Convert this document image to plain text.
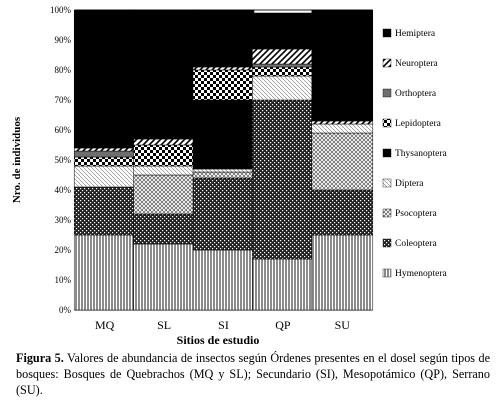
0%
10%
20%
30%
40%
50%
60%
70%
80%
90%
100%
MQ	SL	SI	QP	SU
Hemiptera
Neuroptera
Orthoptera
Lepidoptera
Thysanoptera
Diptera
Psocoptera
Coleoptera
Hymenoptera
Nro. de individuos
Sitios de estudio
Figura 5. Valores de abundancia de insectos según Órdenes presentes en el dosel según tipos de bosques: Bosques de Quebrachos (MQ y SL); Secundario (SI), Mesopotámico (QP), Serrano (SU).
